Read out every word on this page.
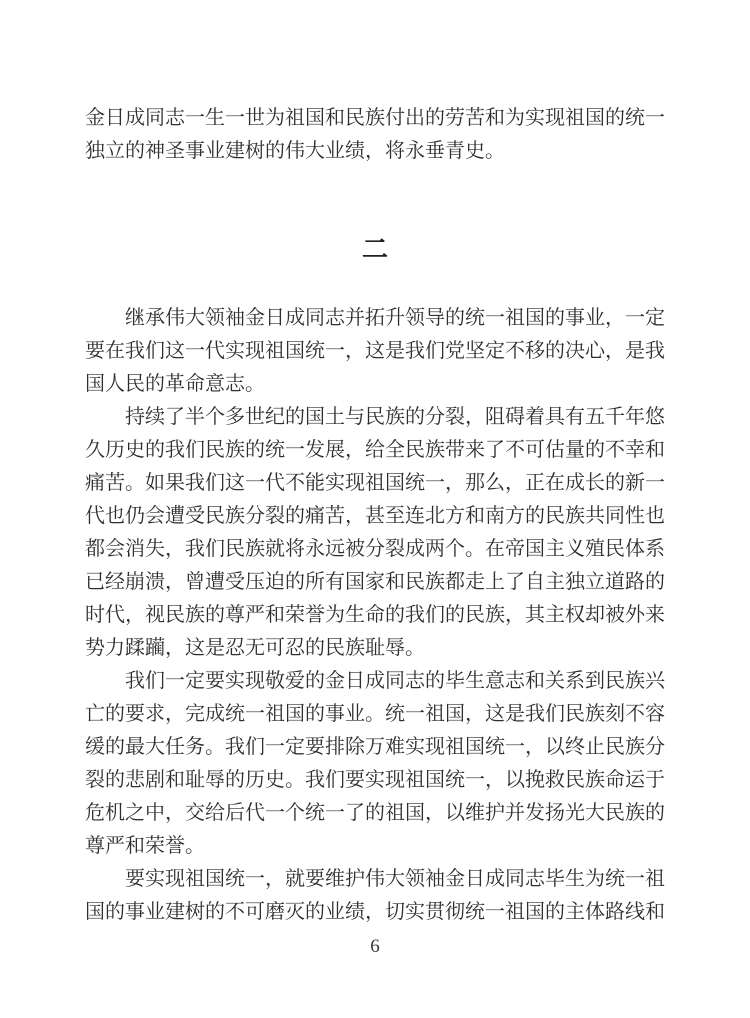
金日成同志一生一世为祖国和民族付出的劳苦和为实现祖国的统一独立的神圣事业建树的伟大业绩，将永垂青史。

二

继承伟大领袖金日成同志并拓升领导的统一祖国的事业，一定要在我们这一代实现祖国统一，这是我们党坚定不移的决心，是我国人民的革命意志。

持续了半个多世纪的国土与民族的分裂，阻碍着具有五千年悠久历史的我们民族的统一发展，给全民族带来了不可估量的不幸和痛苦。如果我们这一代不能实现祖国统一，那么，正在成长的新一代也仍会遭受民族分裂的痛苦，甚至连北方和南方的民族共同性也都会消失，我们民族就将永远被分裂成两个。在帝国主义殖民体系已经崩溃，曾遭受压迫的所有国家和民族都走上了自主独立道路的时代，视民族的尊严和荣誉为生命的我们的民族，其主权却被外来势力蹂躏，这是忍无可忍的民族耻辱。

我们一定要实现敬爱的金日成同志的毕生意志和关系到民族兴亡的要求，完成统一祖国的事业。统一祖国，这是我们民族刻不容缓的最大任务。我们一定要排除万难实现祖国统一，以终止民族分裂的悲剧和耻辱的历史。我们要实现祖国统一，以挽救民族命运于危机之中，交给后代一个统一了的祖国，以维护并发扬光大民族的尊严和荣誉。

要实现祖国统一，就要维护伟大领袖金日成同志毕生为统一祖国的事业建树的不可磨灭的业绩，切实贯彻统一祖国的主体路线和

6
